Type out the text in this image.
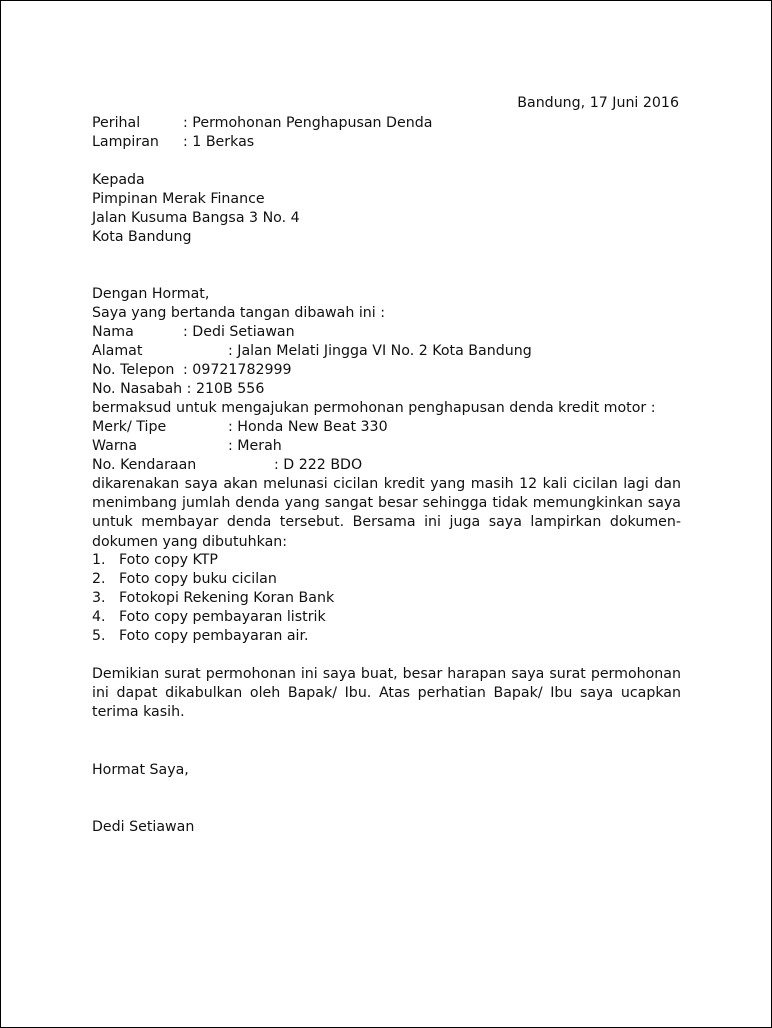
Bandung, 17 Juni 2016
Perihal	: Permohonan Penghapusan Denda
Lampiran : 1 Berkas
Kepada
Pimpinan Merak Finance
Jalan Kusuma Bangsa 3 No. 4
Kota Bandung
Dengan Hormat,
Saya yang bertanda tangan dibawah ini :
Nama	: Dedi Setiawan
Alamat	: Jalan Melati Jingga VI No. 2 Kota Bandung
No. Telepon : 09721782999
No. Nasabah : 210B 556
bermaksud untuk mengajukan permohonan penghapusan denda kredit motor :
Merk/ Tipe	: Honda New Beat 330
Warna	: Merah
No. Kendaraan	: D 222 BDO
dikarenakan saya akan melunasi cicilan kredit yang masih 12 kali cicilan lagi dan menimbang jumlah denda yang sangat besar sehingga tidak memungkinkan saya untuk membayar denda tersebut. Bersama ini juga saya lampirkan dokumen-dokumen yang dibutuhkan:
1. Foto copy KTP
2. Foto copy buku cicilan
3. Fotokopi Rekening Koran Bank
4. Foto copy pembayaran listrik
5. Foto copy pembayaran air.
Demikian surat permohonan ini saya buat, besar harapan saya surat permohonan ini dapat dikabulkan oleh Bapak/ Ibu. Atas perhatian Bapak/ Ibu saya ucapkan terima kasih.
Hormat Saya,
Dedi Setiawan
